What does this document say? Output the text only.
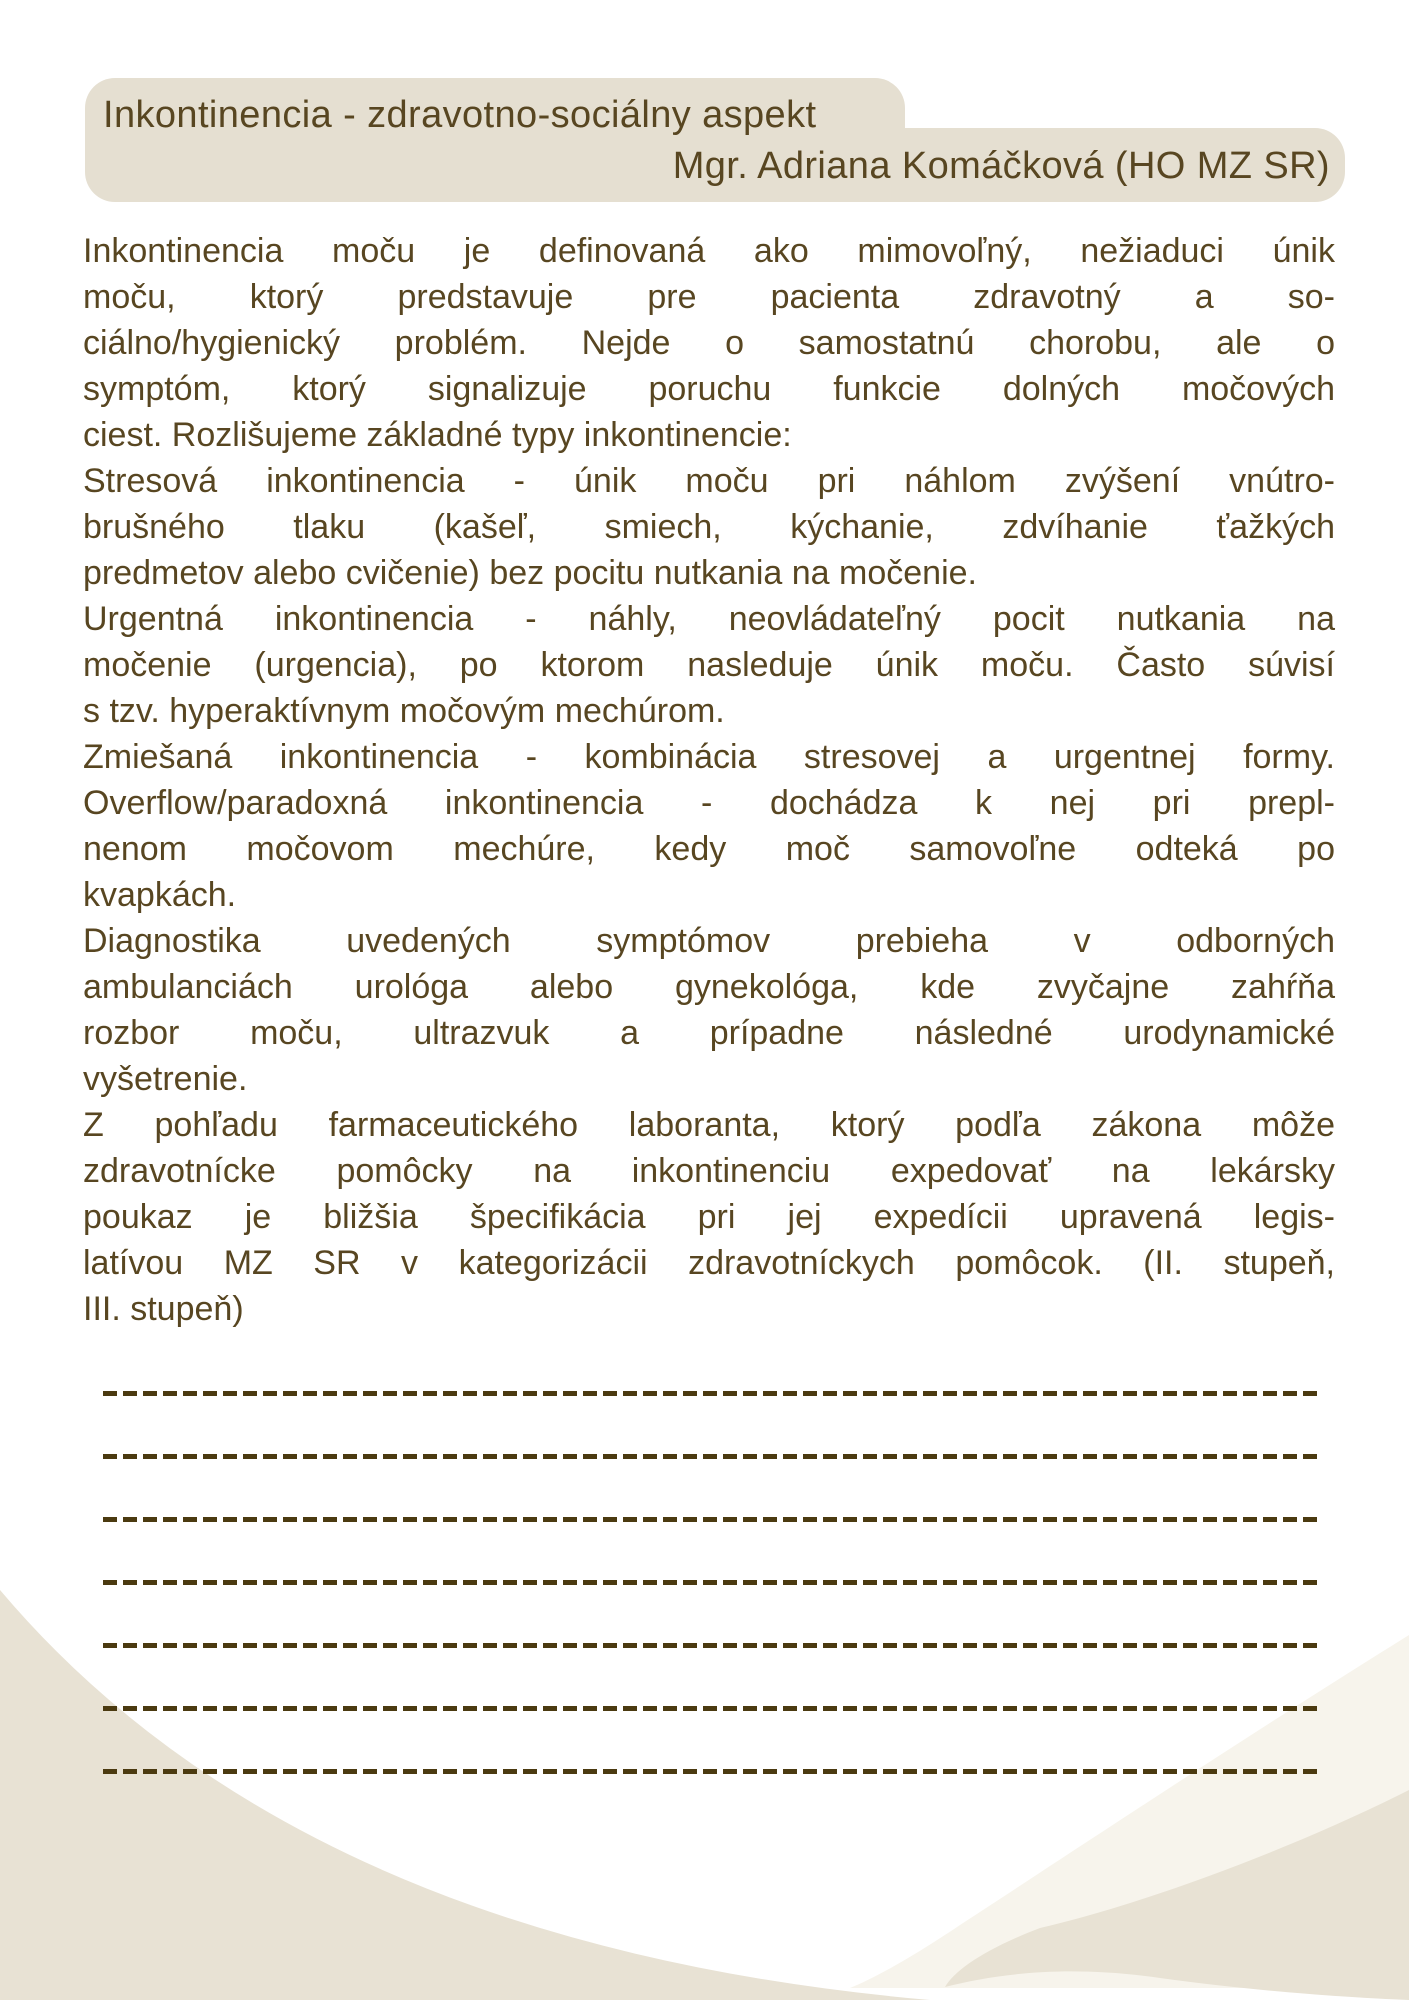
Inkontinencia - zdravotno-sociálny aspekt
Mgr. Adriana Komáčková (HO MZ SR)
Inkontinencia moču je definovaná ako mimovoľný, nežiaduci únik
moču, ktorý predstavuje pre pacienta zdravotný a so-
ciálno/hygienický problém. Nejde o samostatnú chorobu, ale o
symptóm, ktorý signalizuje poruchu funkcie dolných močových
ciest. Rozlišujeme základné typy inkontinencie:
Stresová inkontinencia - únik moču pri náhlom zvýšení vnútro-
brušného tlaku (kašeľ, smiech, kýchanie, zdvíhanie ťažkých
predmetov alebo cvičenie) bez pocitu nutkania na močenie.
Urgentná inkontinencia - náhly, neovládateľný pocit nutkania na
močenie (urgencia), po ktorom nasleduje únik moču. Často súvisí
s tzv. hyperaktívnym močovým mechúrom.
Zmiešaná inkontinencia - kombinácia stresovej a urgentnej formy.
Overflow/paradoxná inkontinencia - dochádza k nej pri prepl-
nenom močovom mechúre, kedy moč samovoľne odteká po
kvapkách.
Diagnostika uvedených symptómov prebieha v odborných
ambulanciách urológa alebo gynekológa, kde zvyčajne zahŕňa
rozbor moču, ultrazvuk a prípadne následné urodynamické
vyšetrenie.
Z pohľadu farmaceutického laboranta, ktorý podľa zákona môže
zdravotnícke pomôcky na inkontinenciu expedovať na lekársky
poukaz je bližšia špecifikácia pri jej expedícii upravená legis-
latívou MZ SR v kategorizácii zdravotníckych pomôcok. (II. stupeň,
III. stupeň)
